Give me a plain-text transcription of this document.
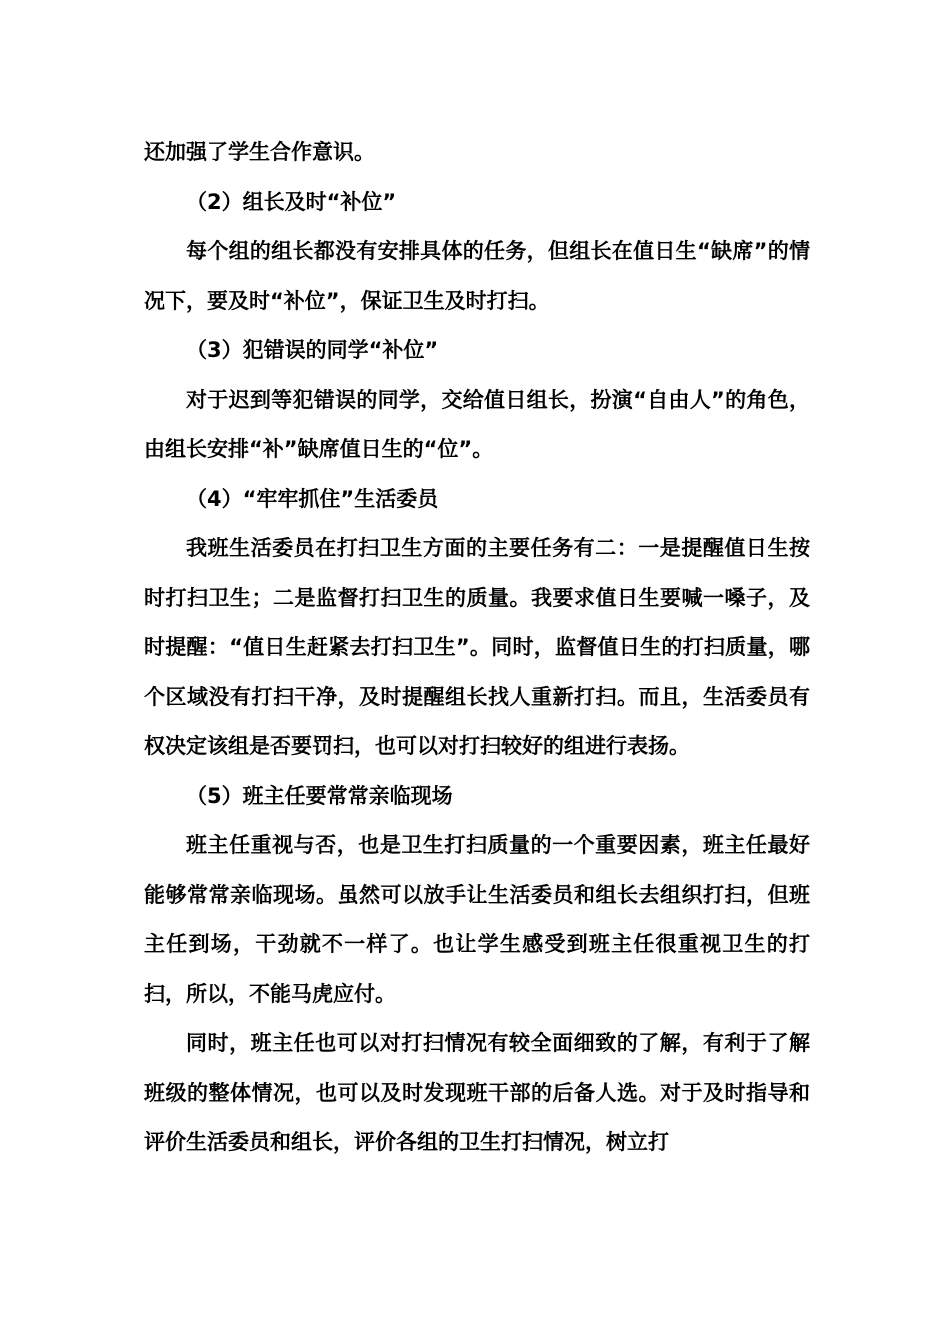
还加强了学生合作意识。

（2）组长及时“补位”

每个组的组长都没有安排具体的任务，但组长在值日生“缺席”的情况下，要及时“补位”，保证卫生及时打扫。

（3）犯错误的同学“补位”

对于迟到等犯错误的同学，交给值日组长，扮演“自由人”的角色，由组长安排“补”缺席值日生的“位”。

（4）“牢牢抓住”生活委员

我班生活委员在打扫卫生方面的主要任务有二：一是提醒值日生按时打扫卫生；二是监督打扫卫生的质量。我要求值日生要喊一嗓子，及时提醒：“值日生赶紧去打扫卫生”。同时，监督值日生的打扫质量，哪个区域没有打扫干净，及时提醒组长找人重新打扫。而且，生活委员有权决定该组是否要罚扫，也可以对打扫较好的组进行表扬。

（5）班主任要常常亲临现场

班主任重视与否，也是卫生打扫质量的一个重要因素，班主任最好能够常常亲临现场。虽然可以放手让生活委员和组长去组织打扫，但班主任到场，干劲就不一样了。也让学生感受到班主任很重视卫生的打扫，所以，不能马虎应付。

同时，班主任也可以对打扫情况有较全面细致的了解，有利于了解班级的整体情况，也可以及时发现班干部的后备人选。对于及时指导和评价生活委员和组长，评价各组的卫生打扫情况，树立打
